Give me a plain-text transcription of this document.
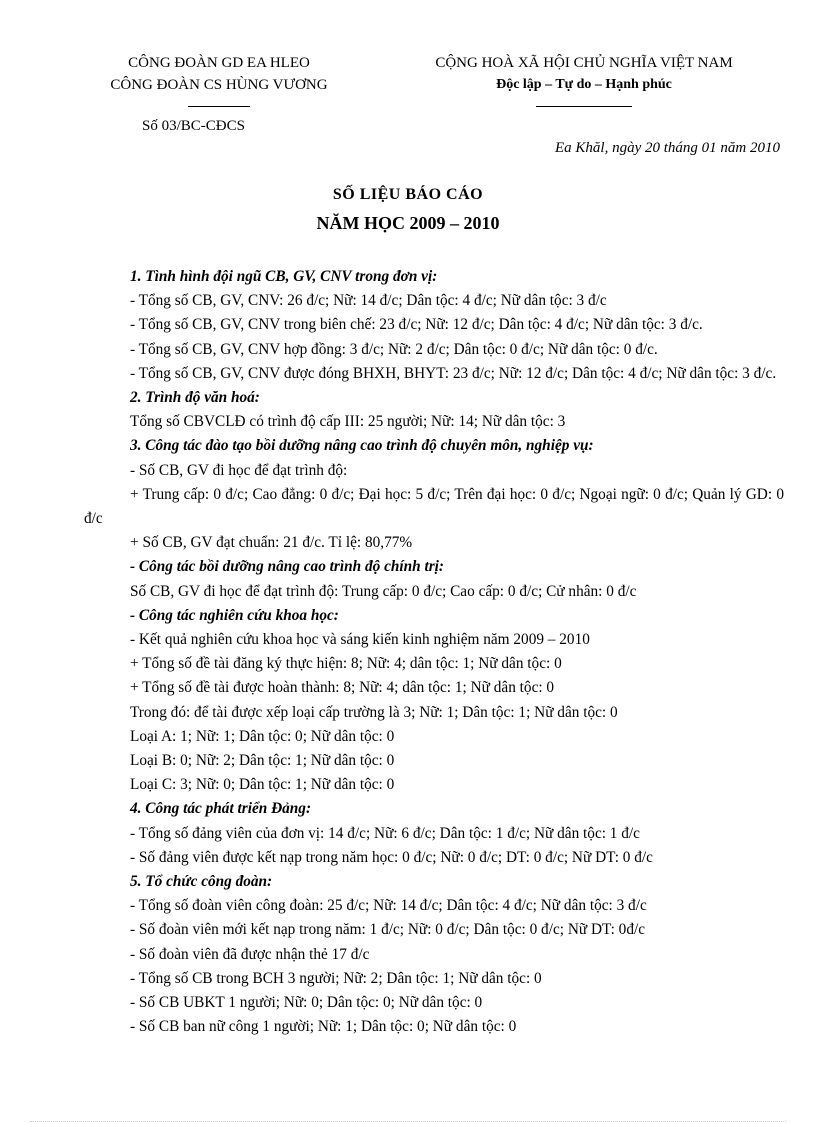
CÔNG ĐOÀN GD EA HLEO
CÔNG ĐOÀN CS HÙNG VƯƠNG
Số 03/BC-CĐCS
CỘNG HOÀ XÃ HỘI CHỦ NGHĨA VIỆT NAM
Độc lập – Tự do – Hạnh phúc
Ea Khăl, ngày 20 tháng 01 năm 2010
SỐ LIỆU BÁO CÁO
NĂM HỌC 2009 – 2010

1. Tình hình đội ngũ CB, GV, CNV trong đơn vị:

- Tổng số CB, GV, CNV: 26 đ/c; Nữ: 14 đ/c; Dân tộc: 4 đ/c; Nữ dân tộc: 3 đ/c

- Tổng số CB, GV, CNV trong biên chế: 23 đ/c; Nữ: 12 đ/c; Dân tộc: 4 đ/c; Nữ dân tộc: 3 đ/c.

- Tổng số CB, GV, CNV hợp đồng: 3 đ/c; Nữ: 2 đ/c; Dân tộc: 0 đ/c; Nữ dân tộc: 0 đ/c.

- Tổng số CB, GV, CNV được đóng BHXH, BHYT: 23 đ/c; Nữ: 12 đ/c; Dân tộc: 4 đ/c; Nữ dân tộc: 3 đ/c.

2. Trình độ văn hoá:

Tổng số CBVCLĐ có trình độ cấp III: 25 người; Nữ: 14; Nữ dân tộc: 3

3. Công tác đào tạo bồi dưỡng nâng cao trình độ chuyên môn, nghiệp vụ:

- Số CB, GV đi học để đạt trình độ:

+ Trung cấp: 0 đ/c; Cao đẳng: 0 đ/c; Đại học: 5 đ/c; Trên đại học: 0 đ/c; Ngoại ngữ: 0 đ/c; Quản lý GD: 0 đ/c

+ Số CB, GV đạt chuẩn: 21 đ/c. Tỉ lệ: 80,77%

- Công tác bồi dưỡng nâng cao trình độ chính trị:

Số CB, GV đi học để đạt trình độ: Trung cấp: 0 đ/c; Cao cấp: 0 đ/c; Cử nhân: 0 đ/c

- Công tác nghiên cứu khoa học:

- Kết quả nghiên cứu khoa học và sáng kiến kinh nghiệm năm 2009 – 2010

+ Tổng số đề tài đăng ký thực hiện: 8; Nữ: 4; dân tộc: 1; Nữ dân tộc: 0

+ Tổng số đề tài được hoàn thành: 8; Nữ: 4; dân tộc: 1; Nữ dân tộc: 0

Trong đó: để tài được xếp loại cấp trường là 3; Nữ: 1; Dân tộc: 1; Nữ dân tộc: 0

Loại A: 1; Nữ: 1; Dân tộc: 0; Nữ dân tộc: 0

Loại B: 0; Nữ: 2; Dân tộc: 1; Nữ dân tộc: 0

Loại C: 3; Nữ: 0; Dân tộc: 1; Nữ dân tộc: 0

4. Công tác phát triển Đảng:

- Tổng số đảng viên của đơn vị: 14 đ/c; Nữ: 6 đ/c; Dân tộc: 1 đ/c; Nữ dân tộc: 1 đ/c

- Số đảng viên được kết nạp trong năm học: 0 đ/c; Nữ: 0 đ/c; DT: 0 đ/c; Nữ DT: 0 đ/c

5. Tổ chức công đoàn:

- Tổng số đoàn viên công đoàn: 25 đ/c; Nữ: 14 đ/c; Dân tộc: 4 đ/c; Nữ dân tộc: 3 đ/c

- Số đoàn viên mới kết nạp trong năm: 1 đ/c; Nữ: 0 đ/c; Dân tộc: 0 đ/c; Nữ DT: 0đ/c

- Số đoàn viên đã được nhận thẻ 17 đ/c

- Tổng số CB trong BCH 3 người; Nữ: 2; Dân tộc: 1; Nữ dân tộc: 0

- Số CB UBKT 1 người; Nữ: 0; Dân tộc: 0; Nữ dân tộc: 0

- Số CB ban nữ công 1 người; Nữ: 1; Dân tộc: 0; Nữ dân tộc: 0
